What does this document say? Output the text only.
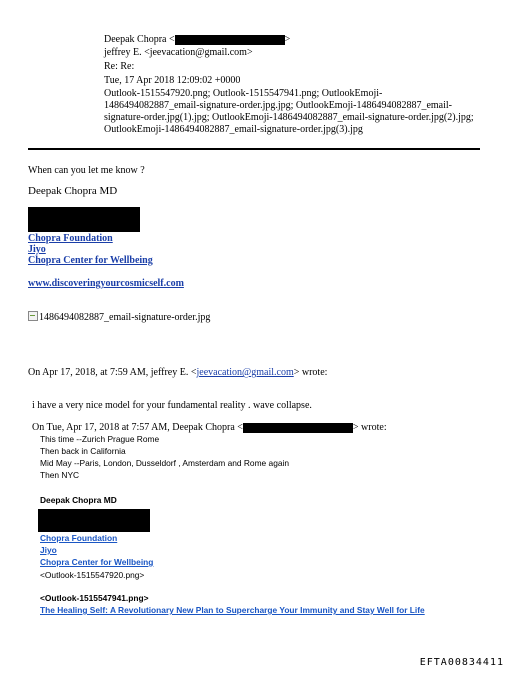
Deepak Chopra <	>
jeffrey E. <jeevacation@gmail.com>
Re: Re:
Tue, 17 Apr 2018 12:09:02 +0000
Outlook-1515547920.png; Outlook-1515547941.png; OutlookEmoji-
1486494082887_email-signature-order.jpg.jpg; OutlookEmoji-1486494082887_email-
signature-order.jpg(1).jpg; OutlookEmoji-1486494082887_email-signature-order.jpg(2).jpg;
OutlookEmoji-1486494082887_email-signature-order.jpg(3).jpg
When can you let me know ?
Deepak Chopra MD
Chopra Foundation
Jiyo
Chopra Center for Wellbeing
www.discoveringyourcosmicself.com
1486494082887_email-signature-order.jpg
On Apr 17, 2018, at 7:59 AM, jeffrey E. <jeevacation@gmail.com> wrote:
i have a very nice model for your fundamental reality . wave collapse.
On Tue, Apr 17, 2018 at 7:57 AM, Deepak Chopra <	> wrote:
This time --Zurich Prague Rome
Then back in California
Mid May --Paris, London, Dusseldorf , Amsterdam and Rome again
Then NYC
Deepak Chopra MD
Chopra Foundation
Jiyo
Chopra Center for Wellbeing
<Outlook-1515547920.png>
<Outlook-1515547941.png>
The Healing Self: A Revolutionary New Plan to Supercharge Your Immunity and Stay Well for Life
EFTA00834411
